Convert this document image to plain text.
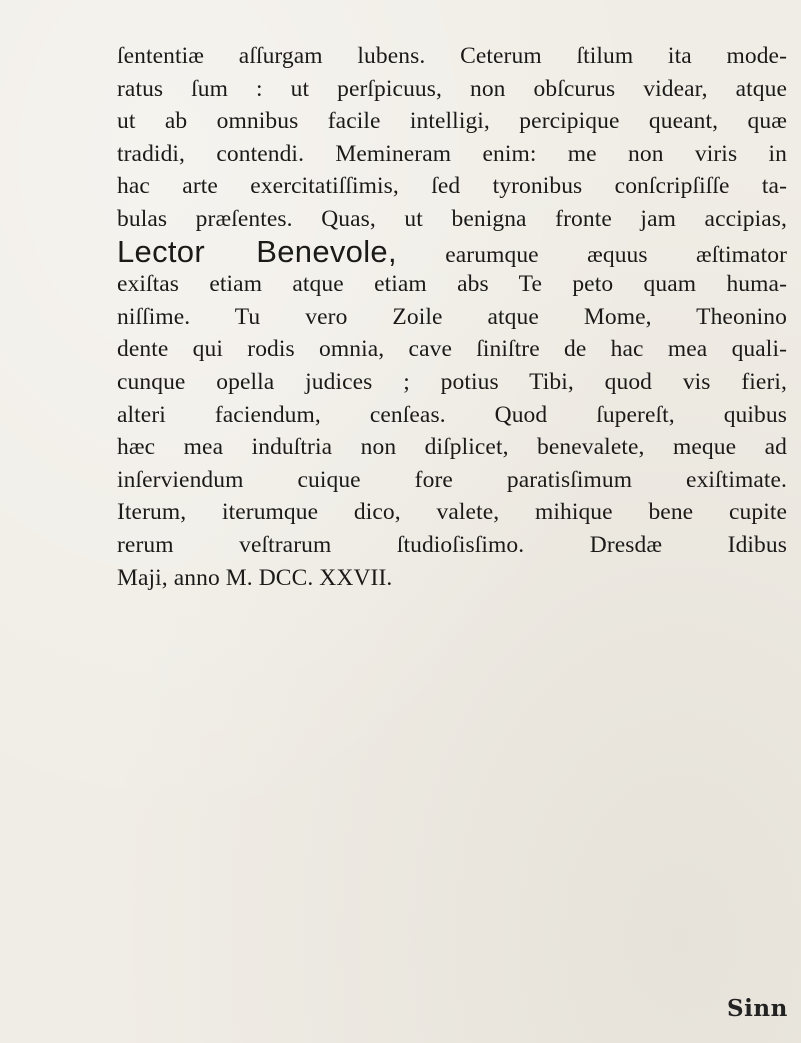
ſententiæ aſſurgam lubens. Ceterum ſtilum ita mode-
ratus ſum : ut perſpicuus, non obſcurus videar, atque
ut ab omnibus facile intelligi, percipique queant, quæ
tradidi, contendi. Memineram enim: me non viris in
hac arte exercitatiſſimis, ſed tyronibus conſcripſiſſe ta-
bulas præſentes. Quas, ut benigna fronte jam accipias,
Lector Benevole, earumque æquus æſtimator
exiſtas etiam atque etiam abs Te peto quam huma-
niſſime. Tu vero Zoile atque Mome, Theonino
dente qui rodis omnia, cave ſiniſtre de hac mea quali-
cunque opella judices ; potius Tibi, quod vis fieri,
alteri faciendum, cenſeas. Quod ſupereſt, quibus
hæc mea induſtria non diſplicet, benevalete, meque ad
inſerviendum cuique fore paratisſimum exiſtimate.
Iterum, iterumque dico, valete, mihique bene cupite
rerum veſtrarum ſtudioſisſimo. Dresdæ Idibus
Maji, anno M. DCC. XXVII.
Sinn
